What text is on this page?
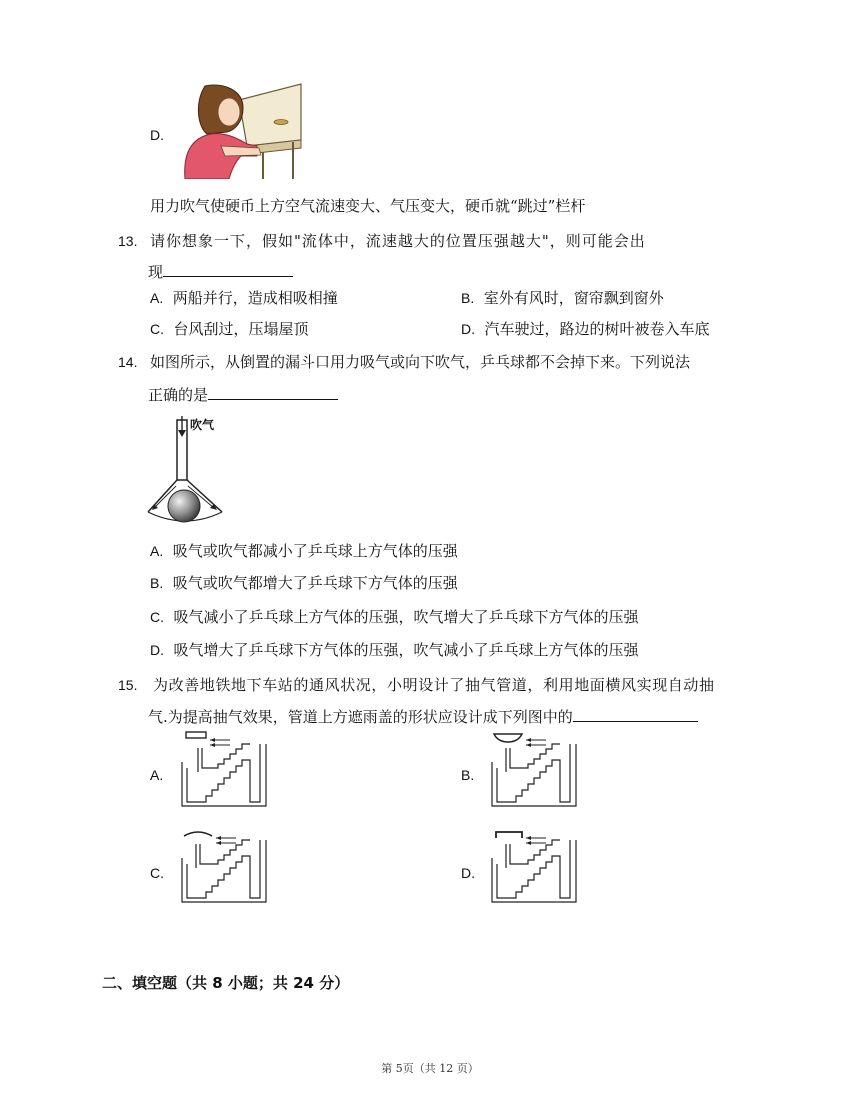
D.
用力吹气使硬币上方空气流速变大、气压变大，硬币就“跳过”栏杆
13. 请你想象一下，假如"流体中，流速越大的位置压强越大"，则可能会出
现
A. 两船并行，造成相吸相撞	B. 室外有风时，窗帘飘到窗外
C. 台风刮过，压塌屋顶	D. 汽车驶过，路边的树叶被卷入车底
14. 如图所示，从倒置的漏斗口用力吸气或向下吹气，乒乓球都不会掉下来。下列说法
正确的是
吹气
A. 吸气或吹气都减小了乒乓球上方气体的压强
B. 吸气或吹气都增大了乒乓球下方气体的压强
C. 吸气减小了乒乓球上方气体的压强，吹气增大了乒乓球下方气体的压强
D. 吸气增大了乒乓球下方气体的压强，吹气减小了乒乓球上方气体的压强
15. 为改善地铁地下车站的通风状况，小明设计了抽气管道，利用地面横风实现自动抽
气.为提高抽气效果，管道上方遮雨盖的形状应设计成下列图中的
A.	B.
C.	D.
二、填空题（共 8 小题；共 24 分）
第 5页（共 12 页）
